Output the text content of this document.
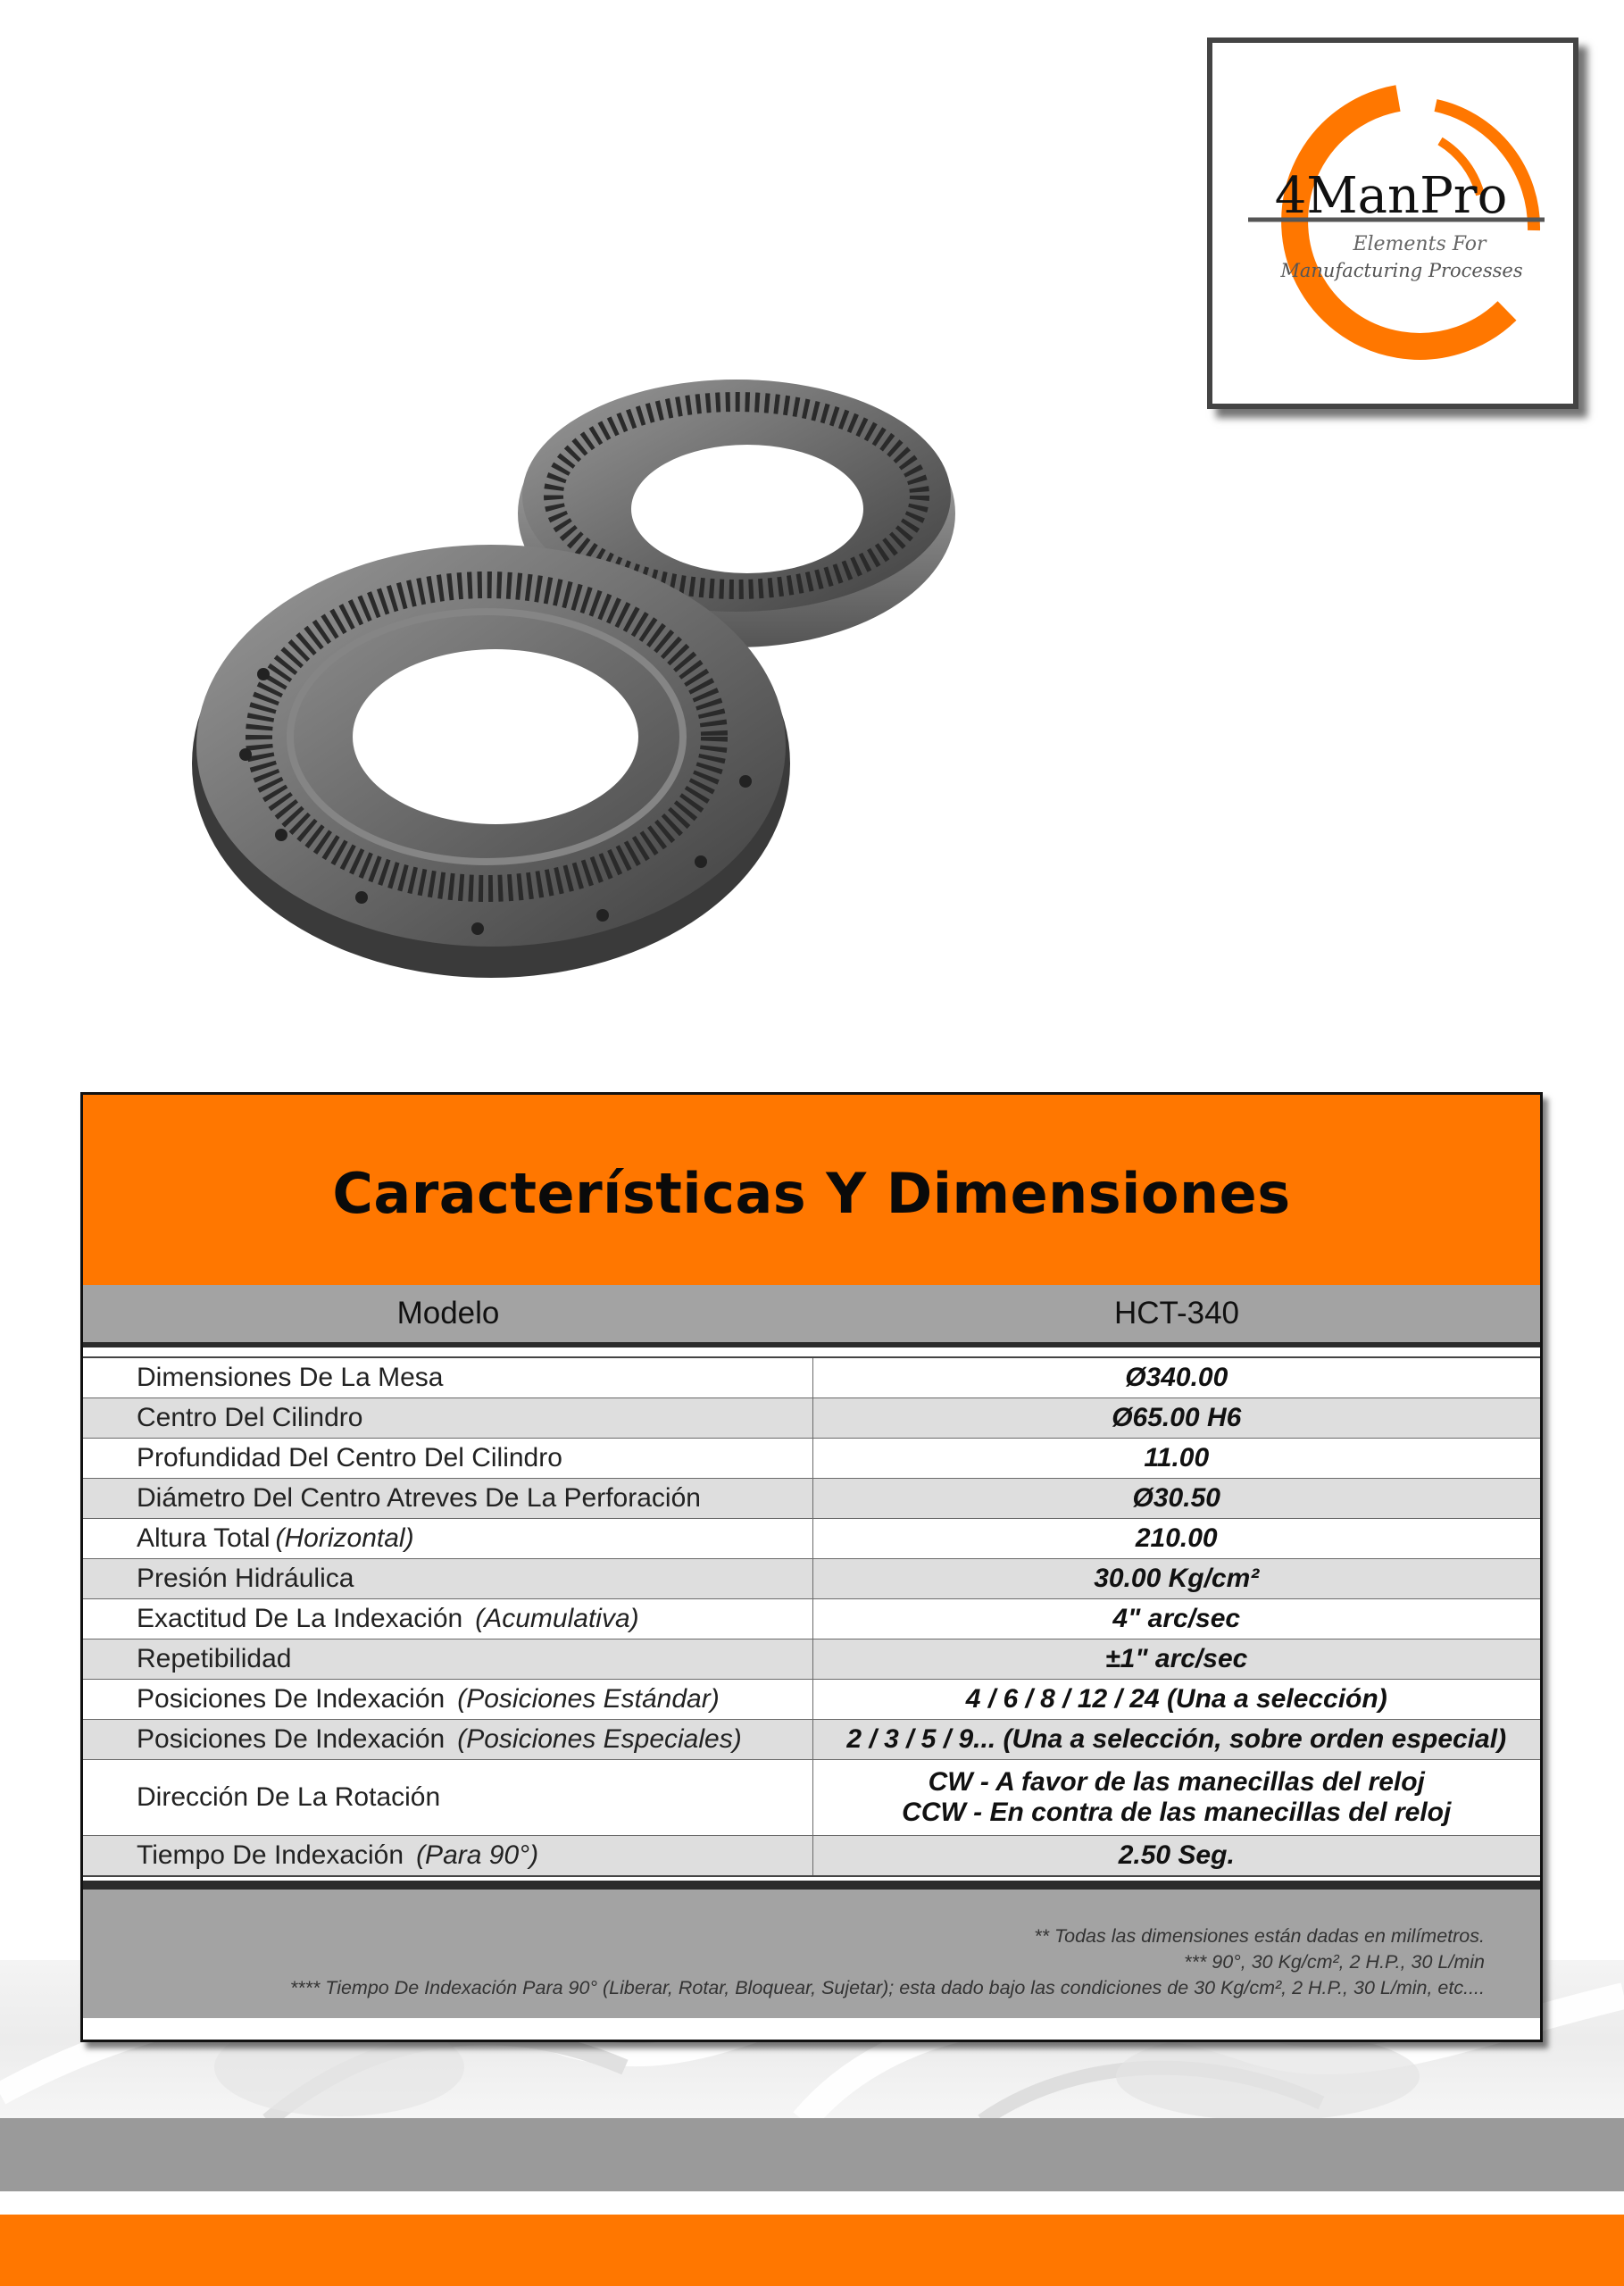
4ManPro
Elements For
Manufacturing Processes
Características Y Dimensiones
Modelo	HCT-340
Dimensiones De La Mesa	Ø340.00
Centro Del Cilindro	Ø65.00 H6
Profundidad Del Centro Del Cilindro	11.00
Diámetro Del Centro Atreves De La Perforación	Ø30.50
Altura Total (Horizontal)	210.00
Presión Hidráulica	30.00 Kg/cm²
Exactitud De La Indexación (Acumulativa)	4" arc/sec
Repetibilidad	±1" arc/sec
Posiciones De Indexación (Posiciones Estándar)	4 / 6 / 8 / 12 / 24 (Una a selección)
Posiciones De Indexación (Posiciones Especiales)	2 / 3 / 5 / 9... (Una a selección, sobre orden especial)
Dirección De La Rotación	CW - A favor de las manecillas del reloj
CCW - En contra de las manecillas del reloj

Tiempo De Indexación (Para 90°)	2.50 Seg.
** Todas las dimensiones están dadas en milímetros.
*** 90°, 30 Kg/cm², 2 H.P., 30 L/min
**** Tiempo De Indexación Para 90° (Liberar, Rotar, Bloquear, Sujetar); esta dado bajo las condiciones de 30 Kg/cm², 2 H.P., 30 L/min, etc....
